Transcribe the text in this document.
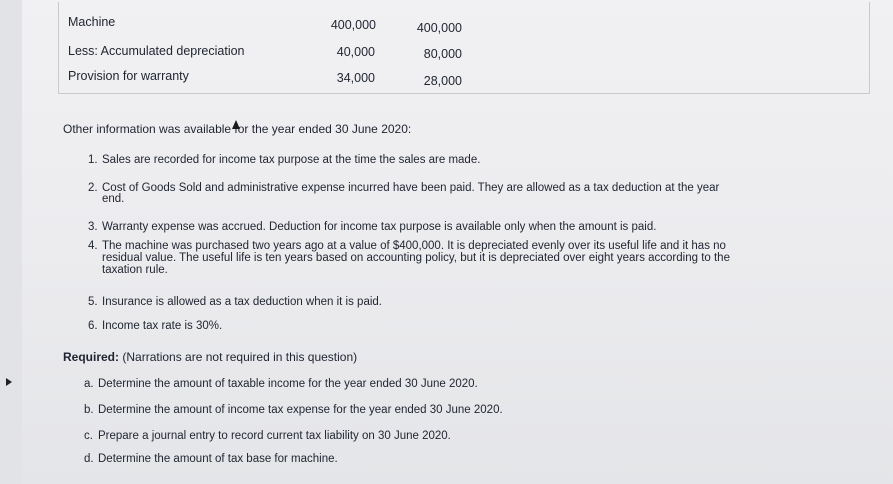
Machine	400,000	400,000
Less: Accumulated depreciation	40,000	80,000
Provision for warranty	34,000	28,000
Other information was available for the year ended 30 June 2020:
1. Sales are recorded for income tax purpose at the time the sales are made.
2. Cost of Goods Sold and administrative expense incurred have been paid. They are allowed as a tax deduction at the year
end.
3. Warranty expense was accrued. Deduction for income tax purpose is available only when the amount is paid.
4. The machine was purchased two years ago at a value of $400,000. It is depreciated evenly over its useful life and it has no
residual value. The useful life is ten years based on accounting policy, but it is depreciated over eight years according to the
taxation rule.
5. Insurance is allowed as a tax deduction when it is paid.
6. Income tax rate is 30%.
Required: (Narrations are not required in this question)
a. Determine the amount of taxable income for the year ended 30 June 2020.
b. Determine the amount of income tax expense for the year ended 30 June 2020.
c. Prepare a journal entry to record current tax liability on 30 June 2020.
d. Determine the amount of tax base for machine.
